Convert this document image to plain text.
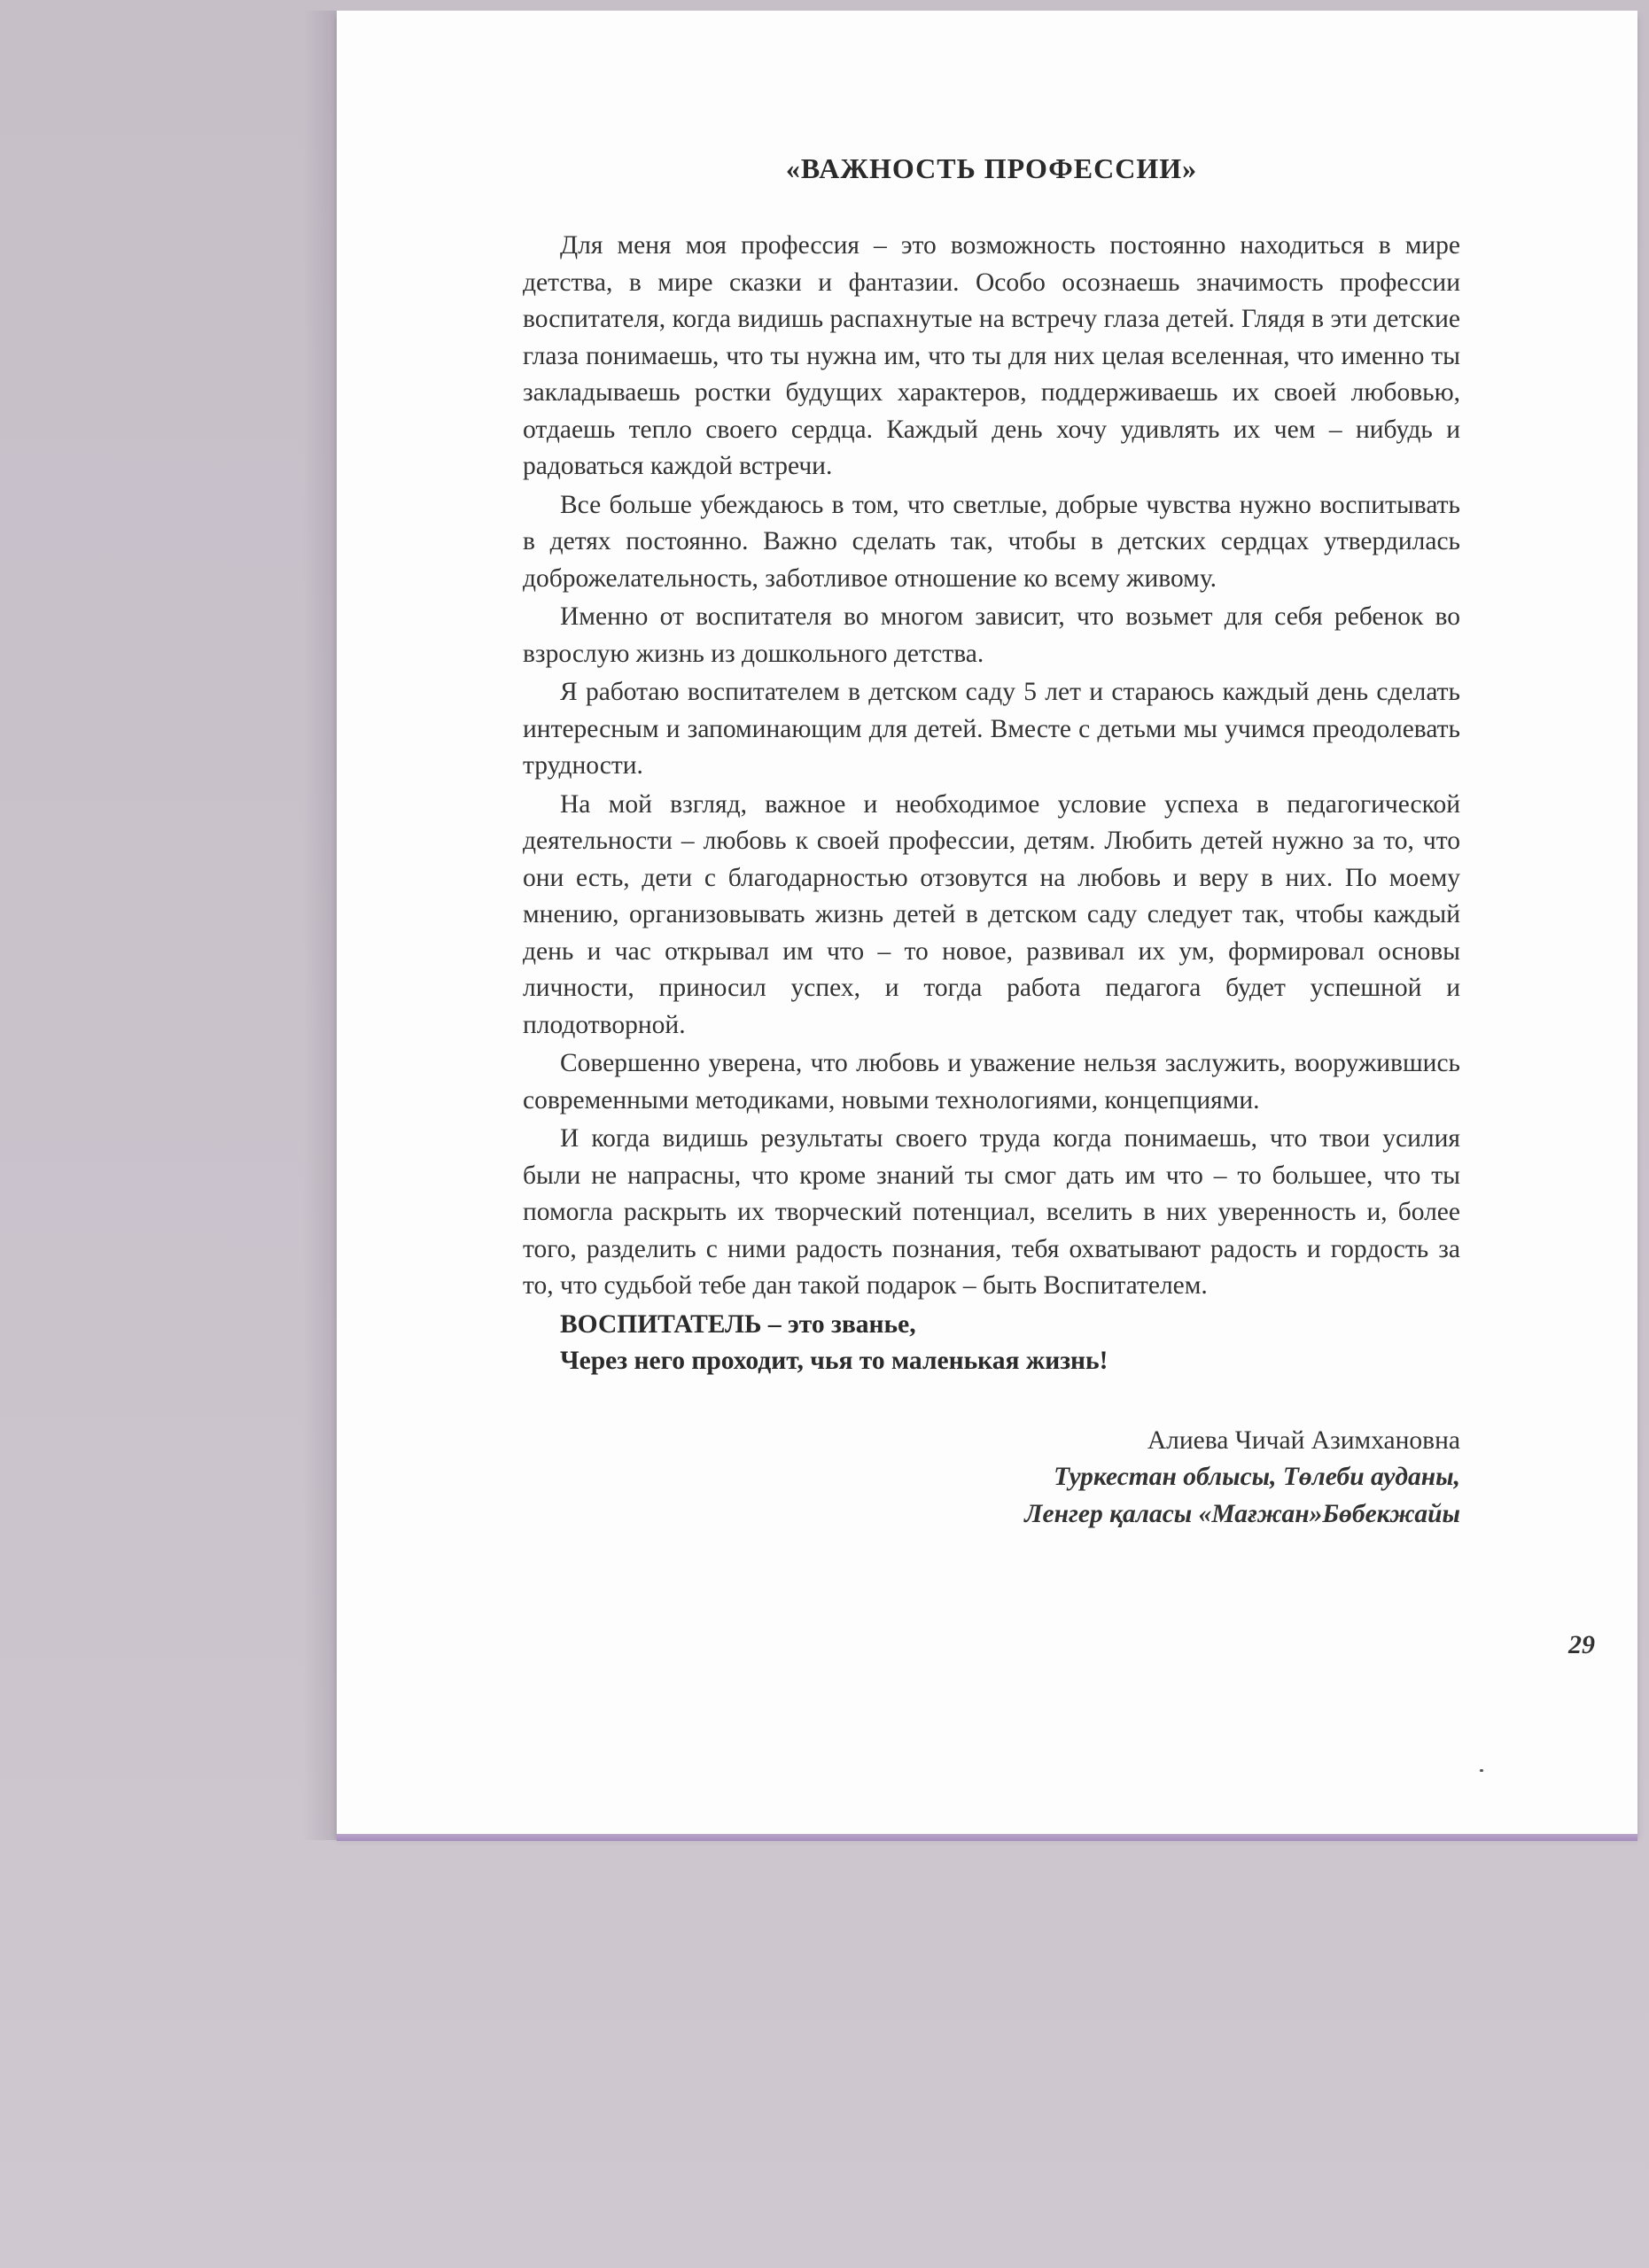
«ВАЖНОСТЬ ПРОФЕССИИ»

Для меня моя профессия – это возможность постоянно находиться в мире детства, в мире сказки и фантазии. Особо осознаешь значимость профессии воспитателя, когда видишь распахнутые на встречу глаза детей. Глядя в эти детские глаза понимаешь, что ты нужна им, что ты для них целая вселенная, что именно ты закладываешь ростки будущих характеров, поддерживаешь их своей любовью, отдаешь тепло своего сердца. Каждый день хочу удивлять их чем – нибудь и радоваться каждой встречи.

Все больше убеждаюсь в том, что светлые, добрые чувства нужно воспитывать в детях постоянно. Важно сделать так, чтобы в детских сердцах утвердилась доброжелательность, заботливое отношение ко всему живому.

Именно от воспитателя во многом зависит, что возьмет для себя ребенок во взрослую жизнь из дошкольного детства.

Я работаю воспитателем в детском саду 5 лет и стараюсь каждый день сделать интересным и запоминающим для детей. Вместе с детьми мы учимся преодолевать трудности.

На мой взгляд, важное и необходимое условие успеха в педагогической деятельности – любовь к своей профессии, детям. Любить детей нужно за то, что они есть, дети с благодарностью отзовутся на любовь и веру в них. По моему мнению, организовывать жизнь детей в детском саду следует так, чтобы каждый день и час открывал им что – то новое, развивал их ум, формировал основы личности, приносил успех, и тогда работа педагога будет успешной и плодотворной.

Совершенно уверена, что любовь и уважение нельзя заслужить, вооружившись современными методиками, новыми технологиями, концепциями.

И когда видишь результаты своего труда когда понимаешь, что твои усилия были не напрасны, что кроме знаний ты смог дать им что – то большее, что ты помогла раскрыть их творческий потенциал, вселить в них уверенность и, более того, разделить с ними радость познания, тебя охватывают радость и гордость за то, что судьбой тебе дан такой подарок – быть Воспитателем.

ВОСПИТАТЕЛЬ – это званье,

Через него проходит, чья то маленькая жизнь!

Алиева Чичай Азимхановна
Туркестан облысы, Төлеби ауданы,
Ленгер қаласы «Мағжан»Бөбекжайы
29
